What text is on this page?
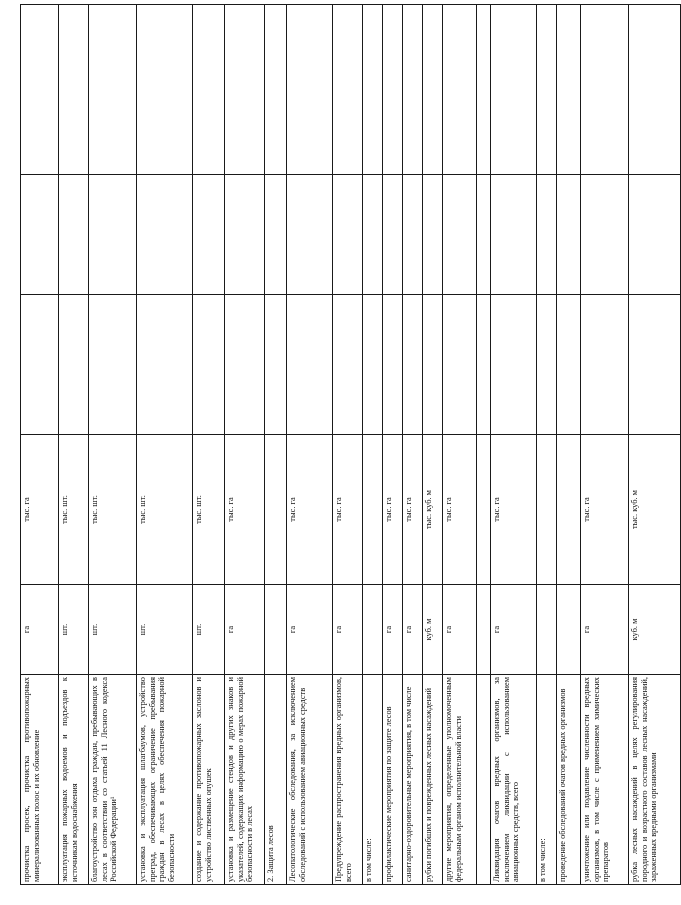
прочистка просек, прочистка противопожарных минерализованных полос и их обновление	га	тыс. га			
эксплуатация пожарных водоемов и подъездов к источникам водоснабжения	шт.	тыс. шт.			
благоустройство зон отдыха граждан, пребывающих в лесах в соответствии со статьей 11 Лесного кодекса Российской Федерации¹	шт.	тыс. шт.			
установка и эксплуатация шлагбаумов, устройство преград, обеспечивающих ограничение пребывания граждан в лесах в целях обеспечения пожарной безопасности	шт.	тыс. шт.			
создание и содержание противопожарных заслонов и устройство лиственных опушек	шт.	тыс. шт.			
установка и размещение стендов и других знаков и указателей, содержащих информацию о мерах пожарной безопасности в лесах	га	тыс. га			
2. Защита лесов					
Лесопатологические обследования, за исключением обследований с использованием авиационных средств	га	тыс. га			
Предупреждение распространения вредных организмов, всего	га	тыс. га			
в том числе:					
профилактические мероприятия по защите лесов	га	тыс. га			
санитарно-оздоровительные мероприятия, в том числе	га	тыс. га			
рубки погибших и поврежденных лесных насаждений	куб. м	тыс. куб. м			
другие мероприятия, определенные уполномоченным федеральным органом исполнительной власти	га	тыс. га			

Ликвидация очагов вредных организмов, за исключением ликвидации с использованием авиационных средств, всего	га	тыс. га			
в том числе:					
проведение обследований очагов вредных организмов					
уничтожение или подавление численности вредных организмов, в том числе с применением химических препаратов	га	тыс. га			
рубка лесных насаждений в целях регулирования породного и возрастного составов лесных насаждений, зараженных вредными организмами	куб. м	тыс. куб. м			
